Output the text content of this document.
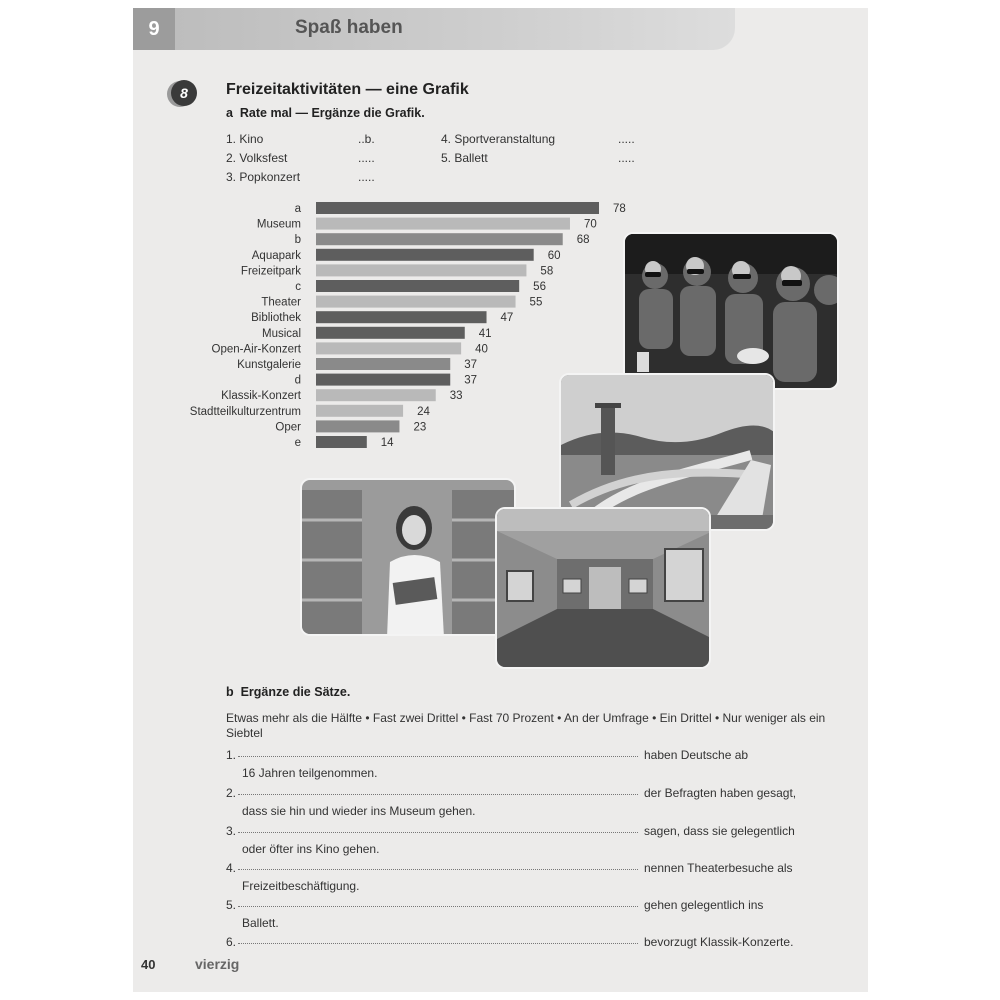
9	Spaß haben
8	Freizeitaktivitäten — eine Grafik
a Rate mal — Ergänze die Grafik.
1. Kino	..b.
2. Volksfest	.....
3. Popkonzert	.....
4. Sportveranstaltung	.....
5. Ballett	.....
a	78
Museum	70
b	68
Aquapark	60
Freizeitpark	58
c	56
Theater	55
Bibliothek	47
Musical	41
Open-Air-Konzert	40
Kunstgalerie	37
d	37
Klassik-Konzert	33
Stadtteilkulturzentrum	24
Oper	23
e	14
b Ergänze die Sätze.
Etwas mehr als die Hälfte • Fast zwei Drittel • Fast 70 Prozent • An der Umfrage • Ein Drittel • Nur weniger als ein Siebtel
1.	haben Deutsche ab
16 Jahren teilgenommen.
2.	der Befragten haben gesagt,
dass sie hin und wieder ins Museum gehen.
3.	sagen, dass sie gelegentlich
oder öfter ins Kino gehen.
4.	nennen Theaterbesuche als
Freizeitbeschäftigung.
5.	gehen gelegentlich ins
Ballett.
6.	bevorzugt Klassik-Konzerte.
40	vierzig
